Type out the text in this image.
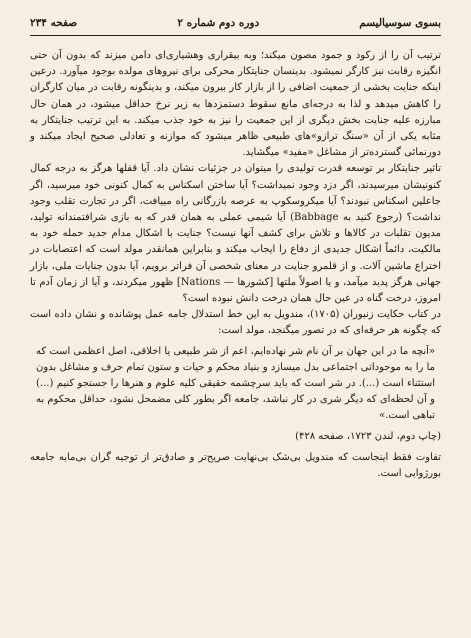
بسوی سوسیالیسم
دوره دوم شماره ۲
صفحه ۲۳۴

ترتیب آن را از رکود و جمود مصون میکند؛ وبه بیقراری وهشیاری‌ای دامن میزند که بدون آن حتی انگیزه رقابت نیز کارگر نمیشود. بدینسان جنایتکار محرکی برای نیروهای مولده بوجود میآورد. درعین اینکه جنایت بخشی از جمعیت اضافی را از بازار کار بیرون میکند، و بدینگونه رقابت در میان کارگران را کاهش میدهد و لذا به درجه‌ای مانع سقوط دستمزدها به زیر نرخ حداقل میشود، در همان حال مبارزه علیه جنایت بخش دیگری از این جمعیت را نیز به خود جذب میکند. به این ترتیب جنایتکار به مثابه یکی از آن «سنگ ترازو»های طبیعی ظاهر میشود که موازنه و تعادلی صحیح ایجاد میکند و دورنمائی گسترده‌تر از مشاغل «مفید» میگشاید.

تاثیر جنایتکار بر توسعه قدرت تولیدی را میتوان در جزئیات نشان داد. آیا قفلها هرگز به درجه کمال کنونیشان میرسیدند، اگر دزد وجود نمیداشت؟ آیا ساختن اسکناس به کمال کنونی خود میرسید، اگر جاعلین اسکناس نبودند؟ آیا میکروسکوپ به عرصه بازرگانی راه مییافت، اگر در تجارت تقلب وجود نداشت؟ (رجوع کنید به Babbage) آیا شیمی عملی به همان قدر که به بازی شرافتمندانه تولید، مدیون تقلبات در کالاها و تلاش برای کشف آنها نیست؟ جنایت با اشکال مدام جدید حمله خود به مالکیت، دائماً اشکال جدیدی از دفاع را ایجاب میکند و بنابراین همانقدر مولد است که اعتصابات در اختراع ماشین آلات. و از قلمرو جنایت در معنای شخصی آن فراتر برویم، آیا بدون جنایات ملی، بازار جهانی هرگز پدید میآمد، و یا اصولاً ملتها [کشورها — Nations] ظهور میکردند، و آیا از زمان آدم تا امروز، درخت گناه در عین حال همان درخت دانش نبوده است؟

در کتاب حکایت زنبوران (۱۷۰۵)، مندویل به این خط استدلال جامه عمل پوشانده و نشان داده است که چگونه هر حرفه‌ای که در تصور میگنجد، مولد است:

«آنچه ما در این جهان بر آن نام شر نهاده‌ایم، اعم از شر طبیعی یا اخلاقی، اصل اعظمی است که ما را به موجوداتی اجتماعی بدل میسازد و بنیاد محکم و حیات و ستون تمام حرف و مشاغل بدون استثناء است (...). در شر است که باید سرچشمه حقیقی کلیه علوم و هنرها را جستجو کنیم (...) و آن لحظه‌ای که دیگر شری در کار نباشد، جامعه اگر بطور کلی مضمحل نشود، حداقل محکوم به تباهی است.»

(چاپ دوم، لندن ۱۷۲۳، صفحه ۴۲۸)

تفاوت فقط اینجاست که مندویل بی‌شک بی‌نهایت صریح‌تر و صادق‌تر از توجیه گران بی‌مایه جامعه بورژوایی است.
